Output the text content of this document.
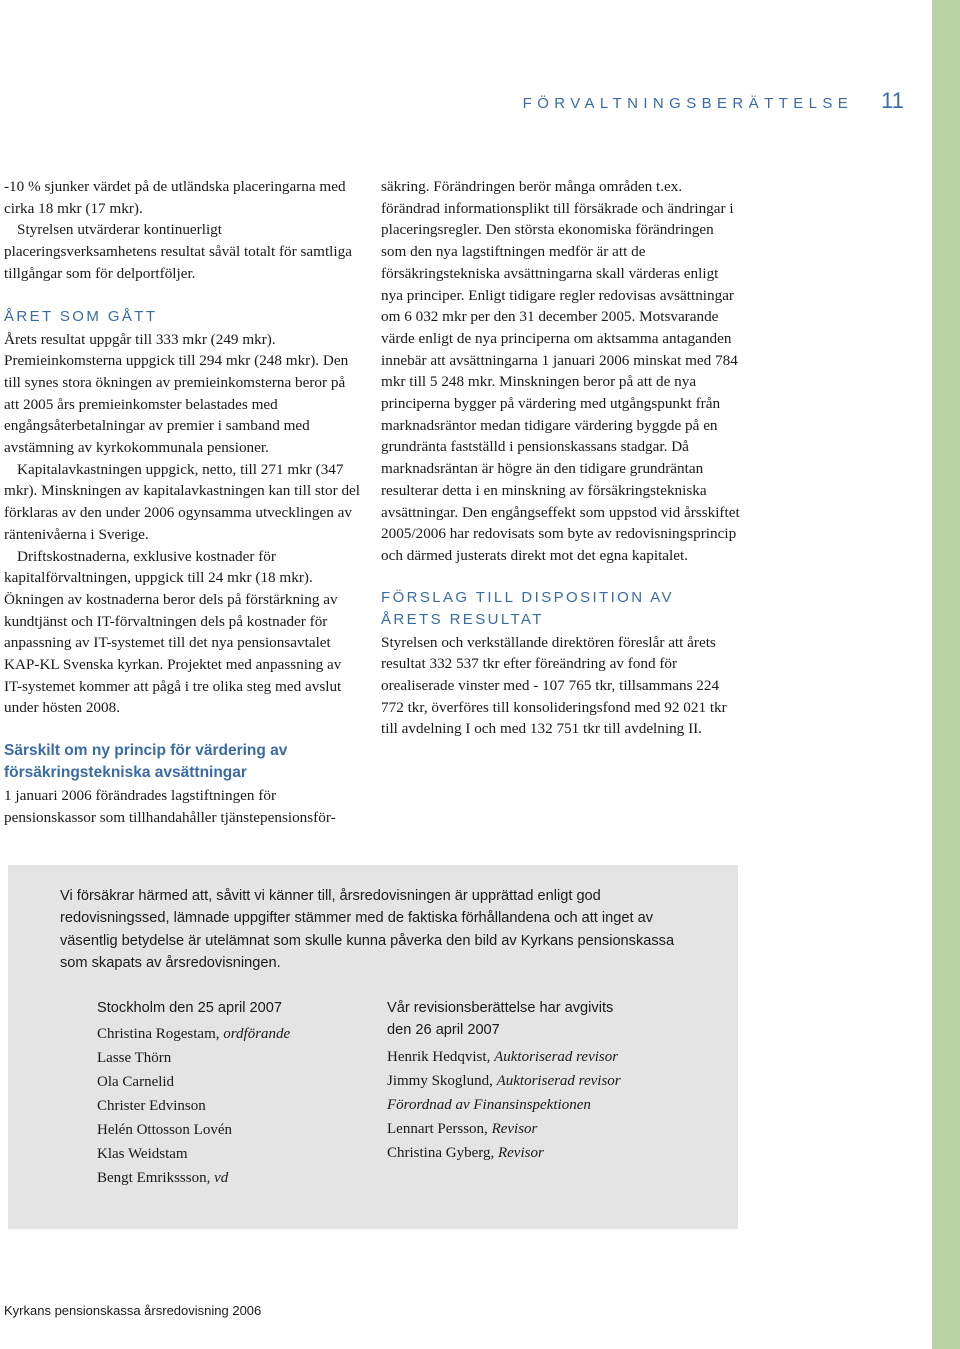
FÖRVALTNINGSBERÄTTELSE 11

-10 % sjunker värdet på de utländska placeringarna med cirka 18 mkr (17 mkr).

Styrelsen utvärderar kontinuerligt placeringsverksamhetens resultat såväl totalt för samtliga tillgångar som för delportföljer.

ÅRET SOM GÅTT

Årets resultat uppgår till 333 mkr (249 mkr). Premieinkomsterna uppgick till 294 mkr (248 mkr). Den till synes stora ökningen av premieinkomsterna beror på att 2005 års premieinkomster belastades med engångsåterbetalningar av premier i samband med avstämning av kyrkokommunala pensioner.

Kapitalavkastningen uppgick, netto, till 271 mkr (347 mkr). Minskningen av kapitalavkastningen kan till stor del förklaras av den under 2006 ogynsamma utvecklingen av räntenivåerna i Sverige.

Driftskostnaderna, exklusive kostnader för kapitalförvaltningen, uppgick till 24 mkr (18 mkr). Ökningen av kostnaderna beror dels på förstärkning av kundtjänst och IT-förvaltningen dels på kostnader för anpassning av IT-systemet till det nya pensionsavtalet KAP-KL Svenska kyrkan. Projektet med anpassning av IT-systemet kommer att pågå i tre olika steg med avslut under hösten 2008.

Särskilt om ny princip för värdering av försäkringstekniska avsättningar

1 januari 2006 förändrades lagstiftningen för pensionskassor som tillhandahåller tjänstepensionsför-

säkring. Förändringen berör många områden t.ex. förändrad informationsplikt till försäkrade och ändringar i placeringsregler. Den största ekonomiska förändringen som den nya lagstiftningen medför är att de försäkringstekniska avsättningarna skall värderas enligt nya principer. Enligt tidigare regler redovisas avsättningar om 6 032 mkr per den 31 december 2005. Motsvarande värde enligt de nya principerna om aktsamma antaganden innebär att avsättningarna 1 januari 2006 minskat med 784 mkr till 5 248 mkr. Minskningen beror på att de nya principerna bygger på värdering med utgångspunkt från marknadsräntor medan tidigare värdering byggde på en grundränta fastställd i pensionskassans stadgar. Då marknadsräntan är högre än den tidigare grundräntan resulterar detta i en minskning av försäkringstekniska avsättningar. Den engångseffekt som uppstod vid årsskiftet 2005/2006 har redovisats som byte av redovisningsprincip och därmed justerats direkt mot det egna kapitalet.

FÖRSLAG TILL DISPOSITION AV ÅRETS RESULTAT

Styrelsen och verkställande direktören föreslår att årets resultat 332 537 tkr efter föreändring av fond för orealiserade vinster med - 107 765 tkr, tillsammans 224 772 tkr, överföres till konsolideringsfond med 92 021 tkr till avdelning I och med 132 751 tkr till avdelning II.

Vi försäkrar härmed att, såvitt vi känner till, årsredovisningen är upprättad enligt god redovisningssed, lämnade uppgifter stämmer med de faktiska förhållandena och att inget av väsentlig betydelse är utelämnat som skulle kunna påverka den bild av Kyrkans pensionskassa som skapats av årsredovisningen.

Stockholm den 25 april 2007
Christina Rogestam, ordförande
Lasse Thörn
Ola Carnelid
Christer Edvinson
Helén Ottosson Lovén
Klas Weidstam
Bengt Emrikssson, vd
Vår revisionsberättelse har avgivits
den 26 april 2007
Henrik Hedqvist, Auktoriserad revisor
Jimmy Skoglund, Auktoriserad revisor
Förordnad av Finansinspektionen
Lennart Persson, Revisor
Christina Gyberg, Revisor
Kyrkans pensionskassa årsredovisning 2006
